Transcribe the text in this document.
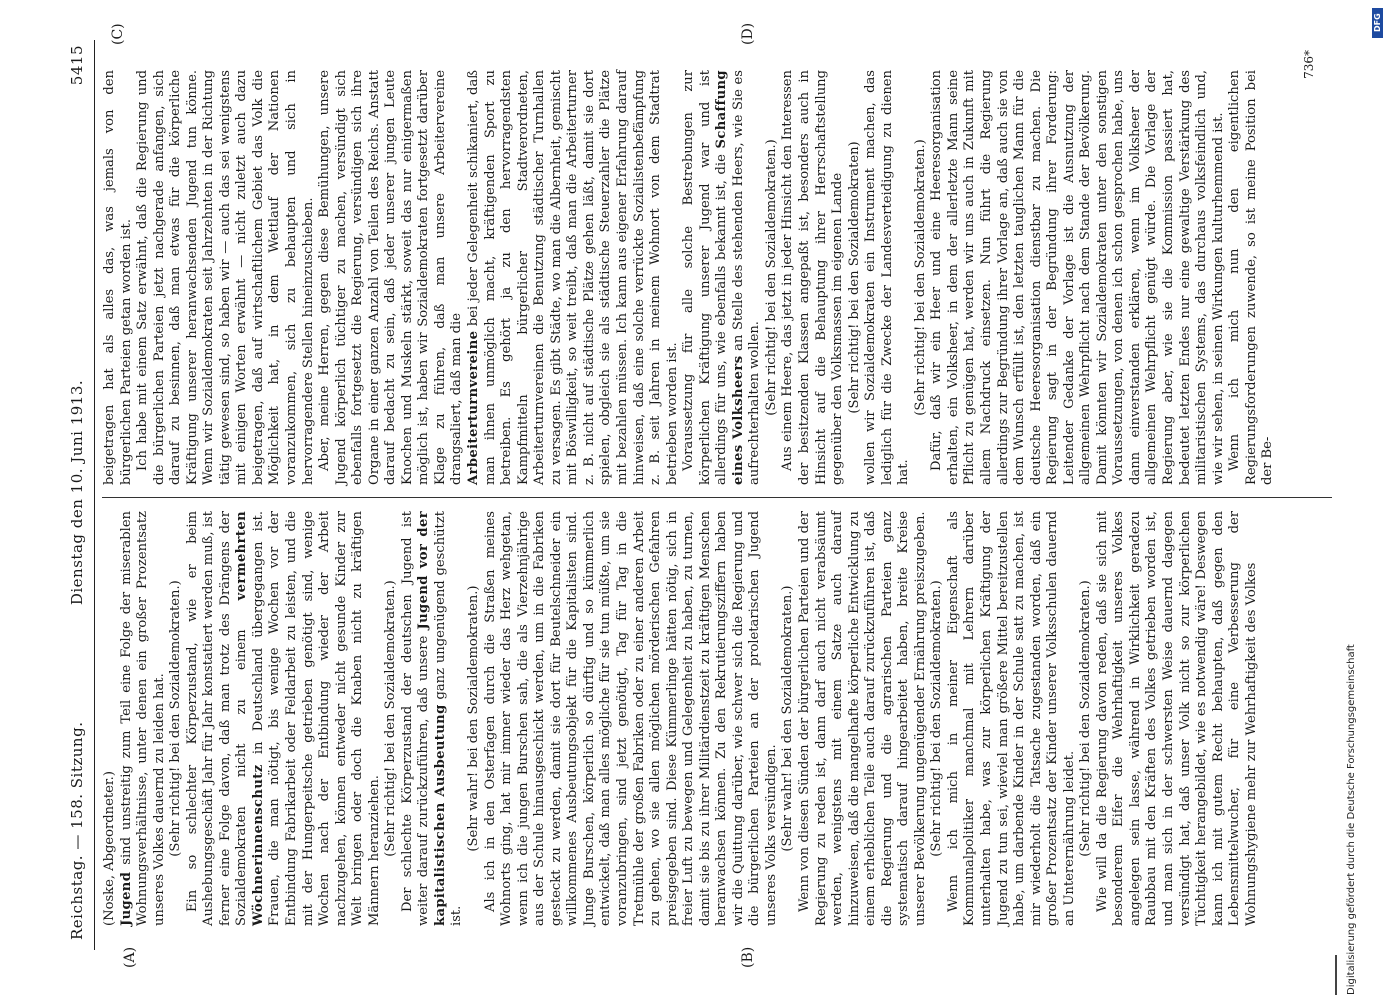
Reichstag. — 158. Sitzung.
Dienstag den 10. Juni 1913.
5415
(A)	(B)
(C)	(D)

(Noske, Abgeordneter.) Jugend sind unstreitig zum Teil eine Folge der miserablen Wohnungsverhältnisse, unter denen ein großer Prozentsatz unseres Volkes dauernd zu leiden hat. (Sehr richtig! bei den Sozialdemokraten.) Ein so schlechter Körperzustand, wie er beim Aushebungsgeschäft Jahr für Jahr konstatiert werden muß, ist ferner eine Folge davon, daß man trotz des Drängens der Sozialdemokraten nicht zu einem vermehrten Wöchnerinnenschutz in Deutschland übergegangen ist. Frauen, die man nötigt, bis wenige Wochen vor der Entbindung Fabrikarbeit oder Feldarbeit zu leisten, und die mit der Hungerpeitsche getrieben genötigt sind, wenige Wochen nach der Entbindung wieder der Arbeit nachzugehen, können entweder nicht gesunde Kinder zur Welt bringen oder doch die Knaben nicht zu kräftigen Männern heranziehen. (Sehr richtig! bei den Sozialdemokraten.) Der schlechte Körperzustand der deutschen Jugend ist weiter darauf zurückzuführen, daß unsere Jugend vor der kapitalistischen Ausbeutung ganz ungenügend geschützt ist.

(Sehr wahr! bei den Sozialdemokraten.) Als ich in den Osterfagen durch die Straßen meines Wohnorts ging, hat mir immer wieder das Herz wehgetan, wenn ich die jungen Burschen sah, die als Vierzehnjährige aus der Schule hinausgeschickt werden, um in die Fabriken gesteckt zu werden, damit sie dort für Beutelschneider ein willkommenes Ausbeutungsobjekt für die Kapitalisten sind. Junge Burschen, körperlich so dürftig und so kümmerlich entwickelt, daß man alles mögliche für sie tun müßte, um sie voranzubringen, sind jetzt genötigt, Tag für Tag in die Tretmühle der großen Fabriken oder zu einer anderen Arbeit zu gehen, wo sie allen möglichen mörderischen Gefahren preisgegeben sind. Diese Kümmerlinge hätten nötig, sich in freier Luft zu bewegen und Gelegenheit zu haben, zu turnen, damit sie bis zu ihrer Militärdienstzeit zu kräftigen Menschen heranwachsen können. Zu den Rekrutierungsziffern haben wir die Quittung darüber, wie schwer sich die Regierung und die bürgerlichen Parteien an der proletarischen Jugend unseres Volks versündigen. (Sehr wahr! bei den Sozialdemokraten.) Wenn von diesen Sünden der bürgerlichen Parteien und der Regierung zu reden ist, dann darf auch nicht verabsäumt werden, wenigstens mit einem Satze auch darauf hinzuweisen, daß die mangelhafte körperliche Entwicklung zu einem erheblichen Teile auch darauf zurückzuführen ist, daß die Regierung und die agrarischen Parteien ganz systematisch darauf hingearbeitet haben, breite Kreise unserer Bevölkerung ungenügender Ernährung preiszugeben. (Sehr richtig! bei den Sozialdemokraten.) Wenn ich mich in meiner Eigenschaft als Kommunalpolitiker manchmal mit Lehrern darüber unterhalten habe, was zur körperlichen Kräftigung der Jugend zu tun sei, wieviel man größere Mittel bereitzustellen habe, um darbende Kinder in der Schule satt zu machen, ist mir wiederholt die Tatsache zugestanden worden, daß ein großer Prozentsatz der Kinder unserer Volksschulen dauernd an Unterernährung leidet. (Sehr richtig! bei den Sozialdemokraten.) Wie will da die Regierung davon reden, daß sie sich mit besonderem Eifer die Wehrhaftigkeit unseres Volkes angelegen sein lasse, während in Wirklichkeit geradezu Raubbau mit den Kräften des Volkes getrieben worden ist, und man sich in der schwersten Weise dauernd dagegen versündigt hat, daß unser Volk nicht so zur körperlichen Tüchtigkeit herangebildet, wie es notwendig wäre! Deswegen kann ich mit gutem Recht behaupten, daß gegen den Lebensmittelwucher, für eine Verbesserung der Wohnungshygiene mehr zur Wehrhaftigkeit des Volkes

beigetragen hat als alles das, was jemals von den bürgerlichen Parteien getan worden ist. Ich habe mit einem Satz erwähnt, daß die Regierung und die bürgerlichen Parteien jetzt nachgerade anfangen, sich darauf zu besinnen, daß man etwas für die körperliche Kräftigung unserer heranwachsenden Jugend tun könne. Wenn wir Sozialdemokraten seit Jahrzehnten in der Richtung tätig gewesen sind, so haben wir — auch das sei wenigstens mit einigen Worten erwähnt — nicht zuletzt auch dazu beigetragen, daß auf wirtschaftlichem Gebiet das Volk die Möglichkeit hat, in dem Wettlauf der Nationen voranzukommen, sich zu behaupten und sich in hervorragendere Stellen hineinzuschieben. Aber, meine Herren, gegen diese Bemühungen, unsere Jugend körperlich tüchtiger zu machen, versündigt sich ebenfalls fortgesetzt die Regierung, versündigen sich ihre Organe in einer ganzen Anzahl von Teilen des Reichs. Anstatt darauf bedacht zu sein, daß jeder unserer jungen Leute Knochen und Muskeln stärkt, soweit das nur einigermaßen möglich ist, haben wir Sozialdemokraten fortgesetzt darüber Klage zu führen, daß man unsere Arbeitervereine drangsaliert, daß man die Arbeiterturnvereine bei jeder Gelegenheit schikaniert, daß man ihnen unmöglich macht, kräftigenden Sport zu betreiben. Es gehört ja zu den hervorragendsten Kampfmitteln bürgerlicher Stadtverordneten, Arbeiterturnvereinen die Benutzung städtischer Turnhallen zu versagen. Es gibt Städte, wo man die Albernheit, gemischt mit Böswilligkeit, so weit treibt, daß man die Arbeiterturner z. B. nicht auf städtische Plätze gehen läßt, damit sie dort spielen, obgleich sie als städtische Steuerzahler die Plätze mit bezahlen müssen. Ich kann aus eigener Erfahrung darauf hinweisen, daß eine solche verrückte Sozialistenbefämpfung z. B. seit Jahren in meinem Wohnort von dem Stadtrat betrieben worden ist. Voraussetzung für alle solche Bestrebungen zur körperlichen Kräftigung unserer Jugend war und ist allerdings für uns, wie ebenfalls bekannt ist, die Schaffung eines Volksheers an Stelle des stehenden Heers, wie Sie es aufrechterhalten wollen. (Sehr richtig! bei den Sozialdemokraten.) Aus einem Heere, das jetzt in jeder Hinsicht den Interessen der besitzenden Klassen angepaßt ist, besonders auch in Hinsicht auf die Behauptung ihrer Herrschaftstellung gegenüber den Volksmassen im eigenen Lande (Sehr richtig! bei den Sozialdemokraten) wollen wir Sozialdemokraten ein Instrument machen, das lediglich für die Zwecke der Landesverteidigung zu dienen hat.

(Sehr richtig! bei den Sozialdemokraten.) Dafür, daß wir ein Heer und eine Heeresorganisation erhalten, ein Volksheer, in dem der allerletzte Mann seine Pflicht zu genügen hat, werden wir uns auch in Zukunft mit allem Nachdruck einsetzen. Nun führt die Regierung allerdings zur Begründung ihrer Vorlage an, daß auch sie von dem Wunsch erfüllt ist, den letzten tauglichen Mann für die deutsche Heeresorganisation dienstbar zu machen. Die Regierung sagt in der Begründung ihrer Forderung: Leitender Gedanke der Vorlage ist die Ausnutzung der allgemeinen Wehrpflicht nach dem Stande der Bevölkerung. Damit könnten wir Sozialdemokraten unter den sonstigen Voraussetzungen, von denen ich schon gesprochen habe, uns dann einverstanden erklären, wenn im Volksheer der allgemeinen Wehrpflicht genügt würde. Die Vorlage der Regierung aber, wie sie die Kommission passiert hat, bedeutet letzten Endes nur eine gewaltige Verstärkung des militaristischen Systems, das durchaus volksfeindlich und, wie wir sehen, in seinen Wirkungen kulturhemmend ist. Wenn ich mich nun den eigentlichen Regierungsforderungen zuwende, so ist meine Position bei der Be-

736*
Digitalisierung gefördert durch die Deutsche Forschungsgemeinschaft
DFG
